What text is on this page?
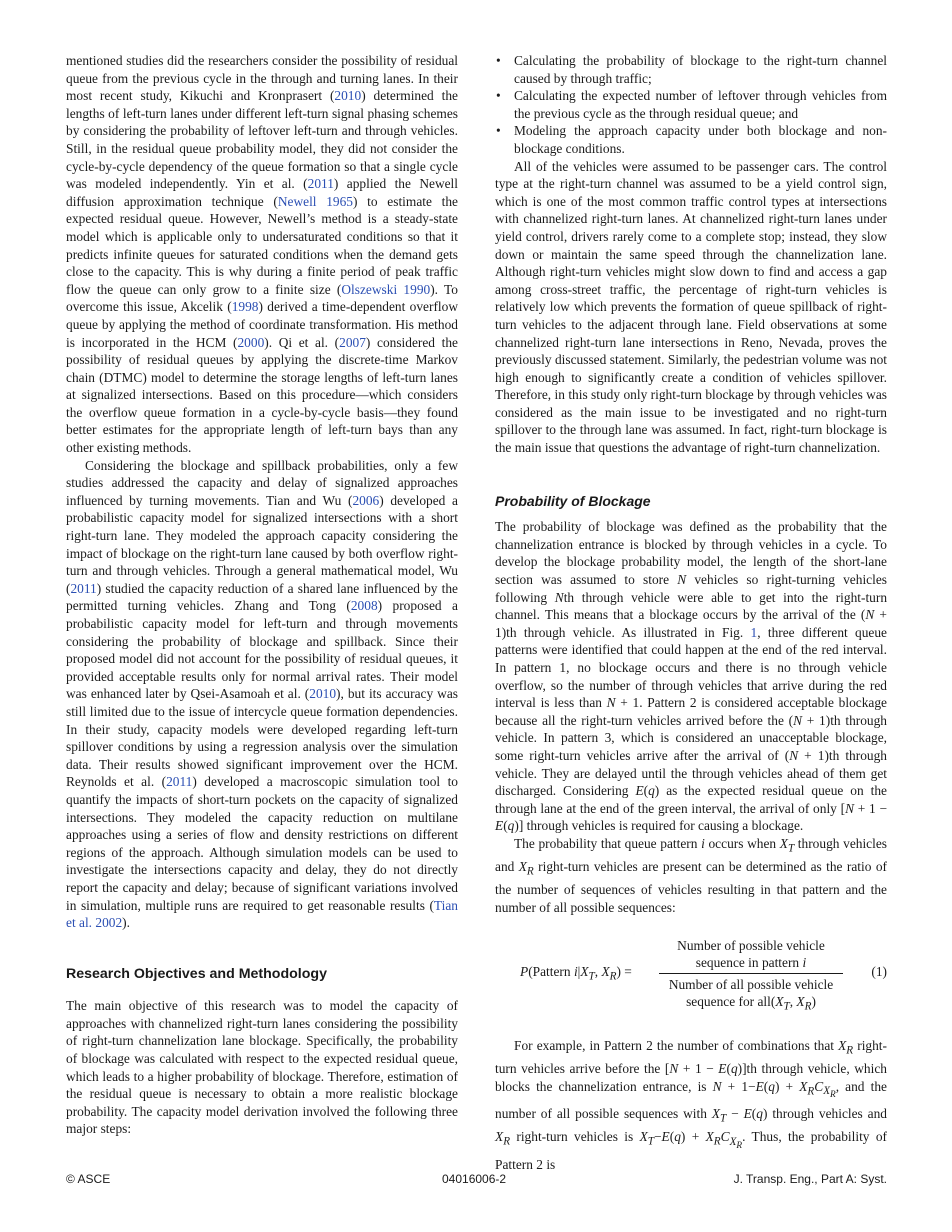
mentioned studies did the researchers consider the possibility of residual queue from the previous cycle in the through and turning lanes. In their most recent study, Kikuchi and Kronprasert (2010) determined the lengths of left-turn lanes under different left-turn signal phasing schemes by considering the probability of leftover left-turn and through vehicles. Still, in the residual queue probability model, they did not consider the cycle-by-cycle dependency of the queue formation so that a single cycle was modeled independently. Yin et al. (2011) applied the Newell diffusion approximation technique (Newell 1965) to estimate the expected residual queue. However, Newell’s method is a steady-state model which is applicable only to undersaturated conditions so that it predicts infinite queues for saturated conditions when the demand gets close to the capacity. This is why during a finite period of peak traffic flow the queue can only grow to a finite size (Olszewski 1990). To overcome this issue, Akcelik (1998) derived a time-dependent overflow queue by applying the method of coordinate transformation. His method is incorporated in the HCM (2000). Qi et al. (2007) considered the possibility of residual queues by applying the discrete-time Markov chain (DTMC) model to determine the storage lengths of left-turn lanes at signalized intersections. Based on this procedure—which considers the overflow queue formation in a cycle-by-cycle basis—they found better estimates for the appropriate length of left-turn bays than any other existing methods.

Considering the blockage and spillback probabilities, only a few studies addressed the capacity and delay of signalized approaches influenced by turning movements. Tian and Wu (2006) developed a probabilistic capacity model for signalized intersections with a short right-turn lane. They modeled the approach capacity considering the impact of blockage on the right-turn lane caused by both overflow right-turn and through vehicles. Through a general mathematical model, Wu (2011) studied the capacity reduction of a shared lane influenced by the permitted turning vehicles. Zhang and Tong (2008) proposed a probabilistic capacity model for left-turn and through movements considering the probability of blockage and spillback. Since their proposed model did not account for the possibility of residual queues, it provided acceptable results only for normal arrival rates. Their model was enhanced later by Qsei-Asamoah et al. (2010), but its accuracy was still limited due to the issue of intercycle queue formation dependencies. In their study, capacity models were developed regarding left-turn spillover conditions by using a regression analysis over the simulation data. Their results showed significant improvement over the HCM. Reynolds et al. (2011) developed a macroscopic simulation tool to quantify the impacts of short-turn pockets on the capacity of signalized intersections. They modeled the capacity reduction on multilane approaches using a series of flow and density restrictions on different regions of the approach. Although simulation models can be used to investigate the intersections capacity and delay, they do not directly report the capacity and delay; because of significant variations involved in simulation, multiple runs are required to get reasonable results (Tian et al. 2002).

Research Objectives and Methodology

The main objective of this research was to model the capacity of approaches with channelized right-turn lanes considering the possibility of right-turn channelization lane blockage. Specifically, the probability of blockage was calculated with respect to the expected residual queue, which leads to a higher probability of blockage. Therefore, estimation of the residual queue is necessary to obtain a more realistic blockage probability. The capacity model derivation involved the following three major steps:

• Calculating the probability of blockage to the right-turn channel caused by through traffic;
• Calculating the expected number of leftover through vehicles from the previous cycle as the through residual queue; and
• Modeling the approach capacity under both blockage and non-blockage conditions.

All of the vehicles were assumed to be passenger cars. The control type at the right-turn channel was assumed to be a yield control sign, which is one of the most common traffic control types at intersections with channelized right-turn lanes. At channelized right-turn lanes under yield control, drivers rarely come to a complete stop; instead, they slow down or maintain the same speed through the channelization lane. Although right-turn vehicles might slow down to find and access a gap among cross-street traffic, the percentage of right-turn vehicles is relatively low which prevents the formation of queue spillback of right-turn vehicles to the adjacent through lane. Field observations at some channelized right-turn lane intersections in Reno, Nevada, proves the previously discussed statement. Similarly, the pedestrian volume was not high enough to significantly create a condition of vehicles spillover. Therefore, in this study only right-turn blockage by through vehicles was considered as the main issue to be investigated and no right-turn spillover to the through lane was assumed. In fact, right-turn blockage is the main issue that questions the advantage of right-turn channelization.

Probability of Blockage

The probability of blockage was defined as the probability that the channelization entrance is blocked by through vehicles in a cycle. To develop the blockage probability model, the length of the short-lane section was assumed to store N vehicles so right-turning vehicles following Nth through vehicle were able to get into the right-turn channel. This means that a blockage occurs by the arrival of the (N + 1)th through vehicle. As illustrated in Fig. 1, three different queue patterns were identified that could happen at the end of the red interval. In pattern 1, no blockage occurs and there is no through vehicle overflow, so the number of through vehicles that arrive during the red interval is less than N + 1. Pattern 2 is considered acceptable blockage because all the right-turn vehicles arrived before the (N + 1)th through vehicle. In pattern 3, which is considered an unacceptable blockage, some right-turn vehicles arrive after the arrival of (N + 1)th through vehicle. They are delayed until the through vehicles ahead of them get discharged. Considering E(q) as the expected residual queue on the through lane at the end of the green interval, the arrival of only [N + 1 − E(q)] through vehicles is required for causing a blockage.

The probability that queue pattern i occurs when $X_T$ through vehicles and $X_R$ right-turn vehicles are present can be determined as the ratio of the number of sequences of vehicles resulting in that pattern and the number of all possible sequences:

P(Pattern $i|X_T$, $X_R$) =
Number of possible vehicle
sequence in pattern i
Number of all possible vehicle
sequence for $all(X_T$, $X_R$)
(1)

For example, in Pattern 2 the number of combinations that $X_R$ right-turn vehicles arrive before the [N + 1 − E(q)]th through vehicle, which blocks the channelization entrance, is $N + 1-E(q) + X_RC_{X_R}$, and the number of all possible sequences with $X_T - E(q)$ through vehicles and $X_R$ right-turn vehicles is $X_T-E(q) + X_RC_{X_R}$. Thus, the probability of Pattern 2 is

© ASCE	04016006-2	J. Transp. Eng., Part A: Syst.
